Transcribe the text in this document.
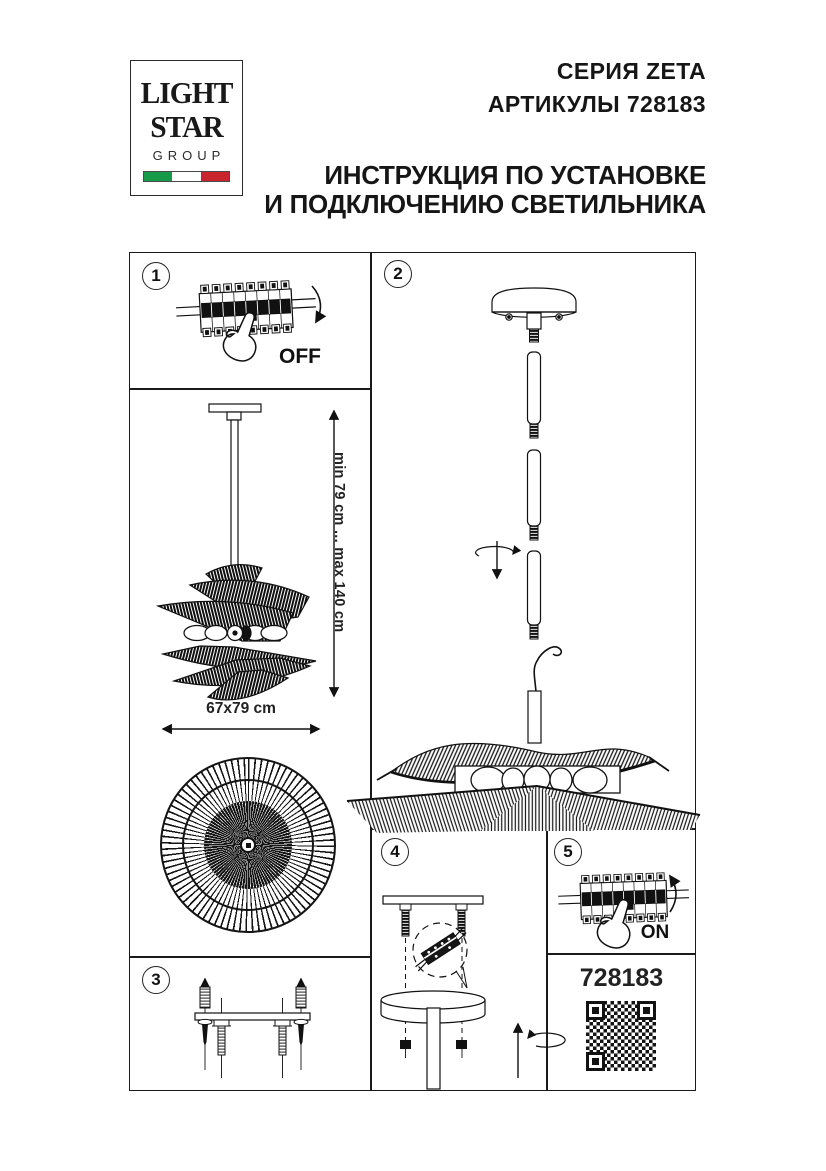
LIGHT
STAR
GROUP
СЕРИЯ ZETA
АРТИКУЛЫ 728183
ИНСТРУКЦИЯ ПО УСТАНОВКЕ
И ПОДКЛЮЧЕНИЮ СВЕТИЛЬНИКА
1	2
3
4	5
OFF
ON
67x79 cm
min 79 cm ... max 140 cm
728183
